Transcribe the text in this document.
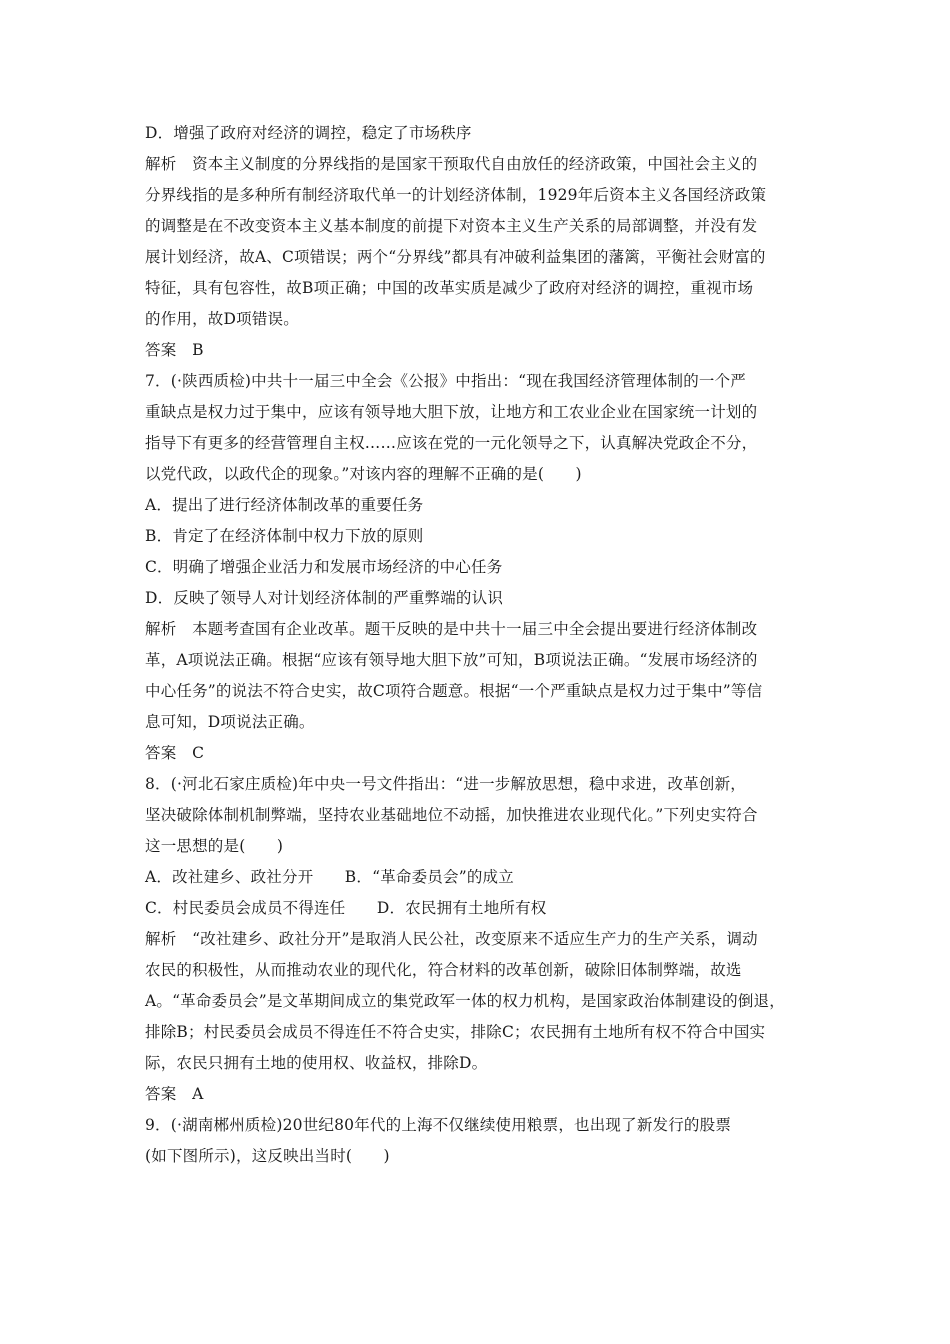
D．增强了政府对经济的调控，稳定了市场秩序
解析　资本主义制度的分界线指的是国家干预取代自由放任的经济政策，中国社会主义的
分界线指的是多种所有制经济取代单一的计划经济体制，1929年后资本主义各国经济政策
的调整是在不改变资本主义基本制度的前提下对资本主义生产关系的局部调整，并没有发
展计划经济，故A、C项错误；两个“分界线”都具有冲破利益集团的藩篱，平衡社会财富的
特征，具有包容性，故B项正确；中国的改革实质是减少了政府对经济的调控，重视市场
的作用，故D项错误。
答案　B
7．(·陕西质检)中共十一届三中全会《公报》中指出：“现在我国经济管理体制的一个严
重缺点是权力过于集中，应该有领导地大胆下放，让地方和工农业企业在国家统一计划的
指导下有更多的经营管理自主权……应该在党的一元化领导之下，认真解决党政企不分，
以党代政，以政代企的现象。”对该内容的理解不正确的是(　　)
A．提出了进行经济体制改革的重要任务
B．肯定了在经济体制中权力下放的原则
C．明确了增强企业活力和发展市场经济的中心任务
D．反映了领导人对计划经济体制的严重弊端的认识
解析　本题考查国有企业改革。题干反映的是中共十一届三中全会提出要进行经济体制改
革，A项说法正确。根据“应该有领导地大胆下放”可知，B项说法正确。“发展市场经济的
中心任务”的说法不符合史实，故C项符合题意。根据“一个严重缺点是权力过于集中”等信
息可知，D项说法正确。
答案　C
8．(·河北石家庄质检)年中央一号文件指出：“进一步解放思想，稳中求进，改革创新，
坚决破除体制机制弊端，坚持农业基础地位不动摇，加快推进农业现代化。”下列史实符合
这一思想的是(　　)
A．改社建乡、政社分开　　B．“革命委员会”的成立
C．村民委员会成员不得连任　　D．农民拥有土地所有权
解析　“改社建乡、政社分开”是取消人民公社，改变原来不适应生产力的生产关系，调动
农民的积极性，从而推动农业的现代化，符合材料的改革创新，破除旧体制弊端，故选
A。“革命委员会”是文革期间成立的集党政军一体的权力机构，是国家政治体制建设的倒退，
排除B；村民委员会成员不得连任不符合史实，排除C；农民拥有土地所有权不符合中国实
际，农民只拥有土地的使用权、收益权，排除D。
答案　A
9．(·湖南郴州质检)20世纪80年代的上海不仅继续使用粮票，也出现了新发行的股票
(如下图所示)，这反映出当时(　　)
